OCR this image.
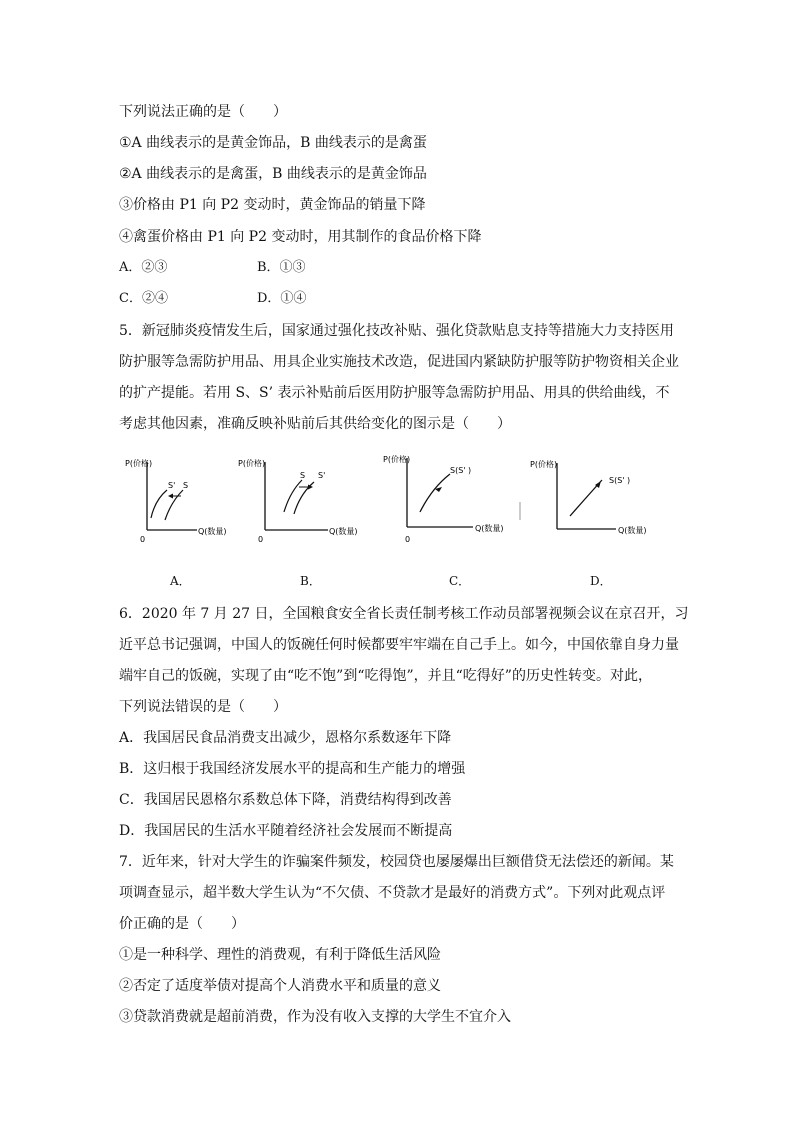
下列说法正确的是（　　）
①A 曲线表示的是黄金饰品，B 曲线表示的是禽蛋
②A 曲线表示的是禽蛋，B 曲线表示的是黄金饰品
③价格由 P1 向 P2 变动时，黄金饰品的销量下降
④禽蛋价格由 P1 向 P2 变动时，用其制作的食品价格下降
A．②③	B．①③
C．②④	D．①④
5．新冠肺炎疫情发生后，国家通过强化技改补贴、强化贷款贴息支持等措施大力支持医用
防护服等急需防护用品、用具企业实施技术改造，促进国内紧缺防护服等防护物资相关企业
的扩产提能。若用 S、S’ 表示补贴前后医用防护服等急需防护用品、用具的供给曲线，不
考虑其他因素，准确反映补贴前后其供给变化的图示是（　　）
P(价格)
Q(数量)
0
S' S
P(价格)
Q(数量)
0
S S'
P(价格)
Q(数量)
0
S(S' )
P(价格)
Q(数量)
S(S' )
A．	B．	C．	D．
6．2020 年 7 月 27 日，全国粮食安全省长责任制考核工作动员部署视频会议在京召开，习
近平总书记强调，中国人的饭碗任何时候都要牢牢端在自己手上。如今，中国依靠自身力量
端牢自己的饭碗，实现了由“吃不饱”到“吃得饱”，并且“吃得好”的历史性转变。对此，
下列说法错误的是（　　）
A．我国居民食品消费支出减少，恩格尔系数逐年下降
B．这归根于我国经济发展水平的提高和生产能力的增强
C．我国居民恩格尔系数总体下降，消费结构得到改善
D．我国居民的生活水平随着经济社会发展而不断提高
7．近年来，针对大学生的诈骗案件频发，校园贷也屡屡爆出巨额借贷无法偿还的新闻。某
项调查显示，超半数大学生认为“不欠债、不贷款才是最好的消费方式”。下列对此观点评
价正确的是（　　）
①是一种科学、理性的消费观，有利于降低生活风险
②否定了适度举债对提高个人消费水平和质量的意义
③贷款消费就是超前消费，作为没有收入支撑的大学生不宜介入
